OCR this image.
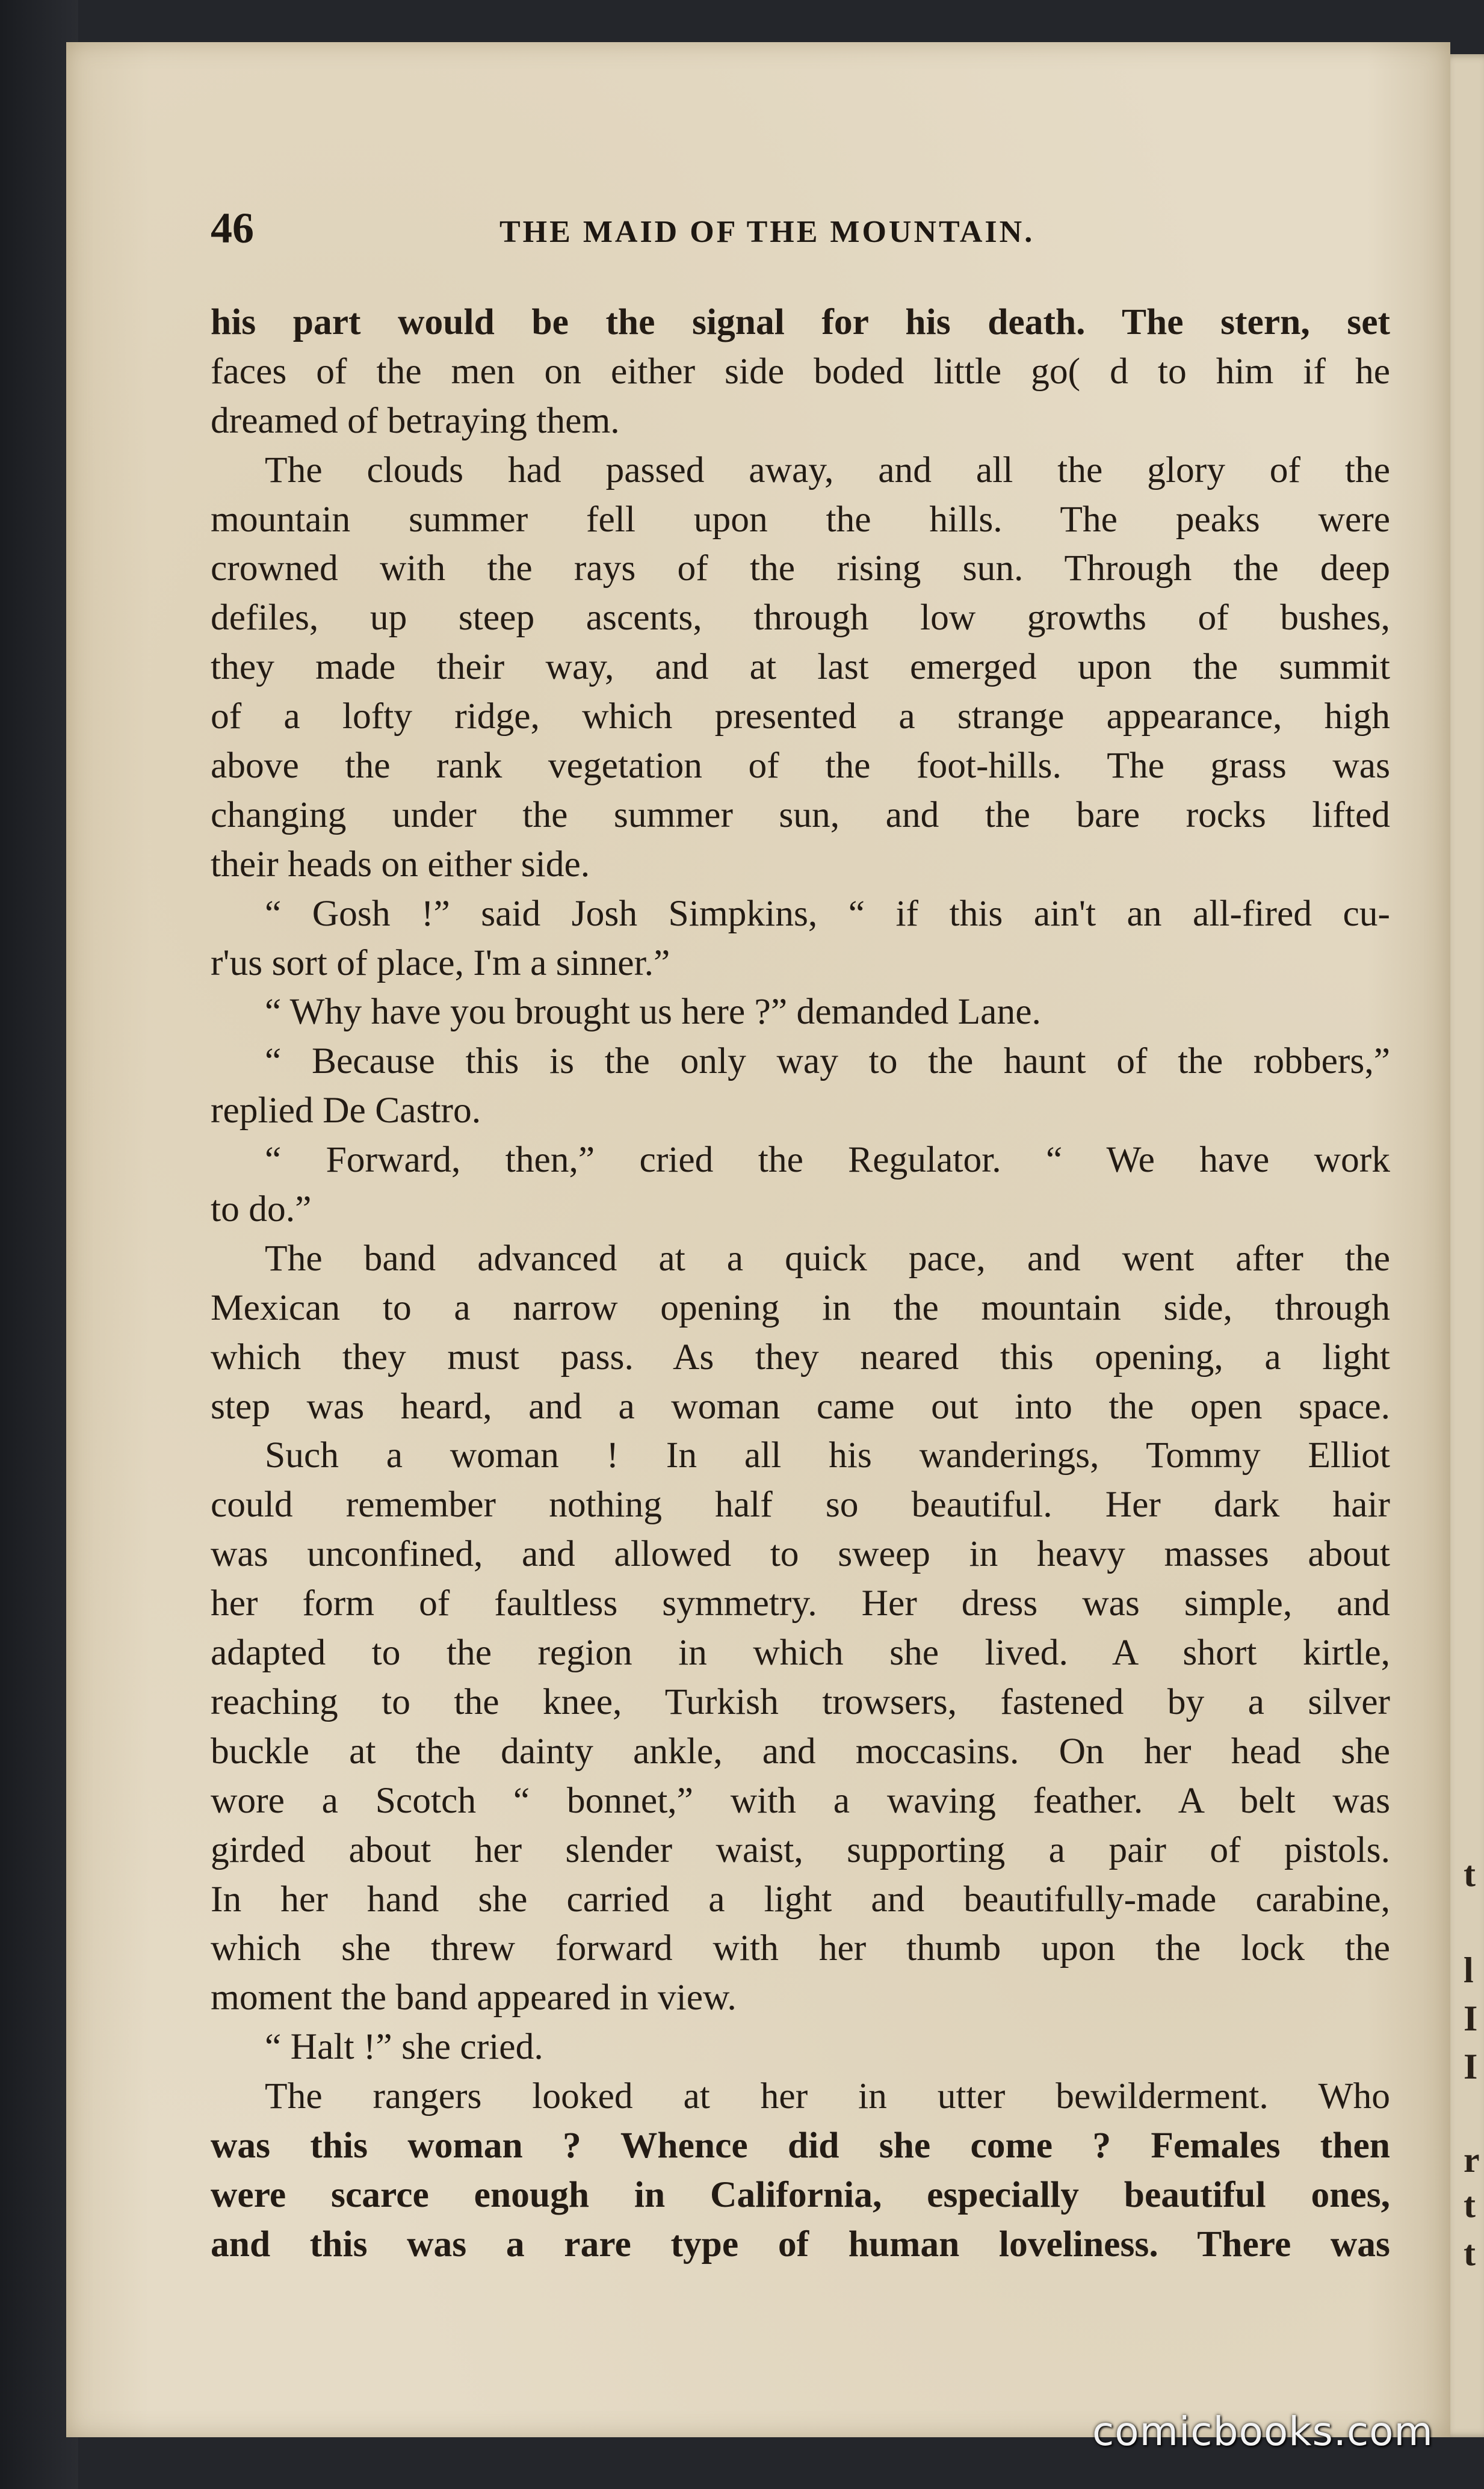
46	THE MAID OF THE MOUNTAIN.
his part would be the signal for his death. The stern, set
faces of the men on either side boded little go( d to him if he
dreamed of betraying them.
The clouds had passed away, and all the glory of the
mountain summer fell upon the hills. The peaks were
crowned with the rays of the rising sun. Through the deep
defiles, up steep ascents, through low growths of bushes,
they made their way, and at last emerged upon the summit
of a lofty ridge, which presented a strange appearance, high
above the rank vegetation of the foot-hills. The grass was
changing under the summer sun, and the bare rocks lifted
their heads on either side.
“ Gosh !” said Josh Simpkins, “ if this ain't an all-fired cu-
r'us sort of place, I'm a sinner.”
“ Why have you brought us here ?” demanded Lane.
“ Because this is the only way to the haunt of the robbers,”
replied De Castro.
“ Forward, then,” cried the Regulator. “ We have work
to do.”
The band advanced at a quick pace, and went after the
Mexican to a narrow opening in the mountain side, through
which they must pass. As they neared this opening, a light
step was heard, and a woman came out into the open space.
Such a woman ! In all his wanderings, Tommy Elliot
could remember nothing half so beautiful. Her dark hair
was unconfined, and allowed to sweep in heavy masses about
her form of faultless symmetry. Her dress was simple, and
adapted to the region in which she lived. A short kirtle,
reaching to the knee, Turkish trowsers, fastened by a silver
buckle at the dainty ankle, and moccasins. On her head she
wore a Scotch “ bonnet,” with a waving feather. A belt was
girded about her slender waist, supporting a pair of pistols.
In her hand she carried a light and beautifully-made carabine,
which she threw forward with her thumb upon the lock the
moment the band appeared in view.
“ Halt !” she cried.
The rangers looked at her in utter bewilderment. Who
was this woman ? Whence did she come ? Females then
were scarce enough in California, especially beautiful ones,
and this was a rare type of human loveliness. There was
t
l
I
I
r
t
t
comicbooks.com
